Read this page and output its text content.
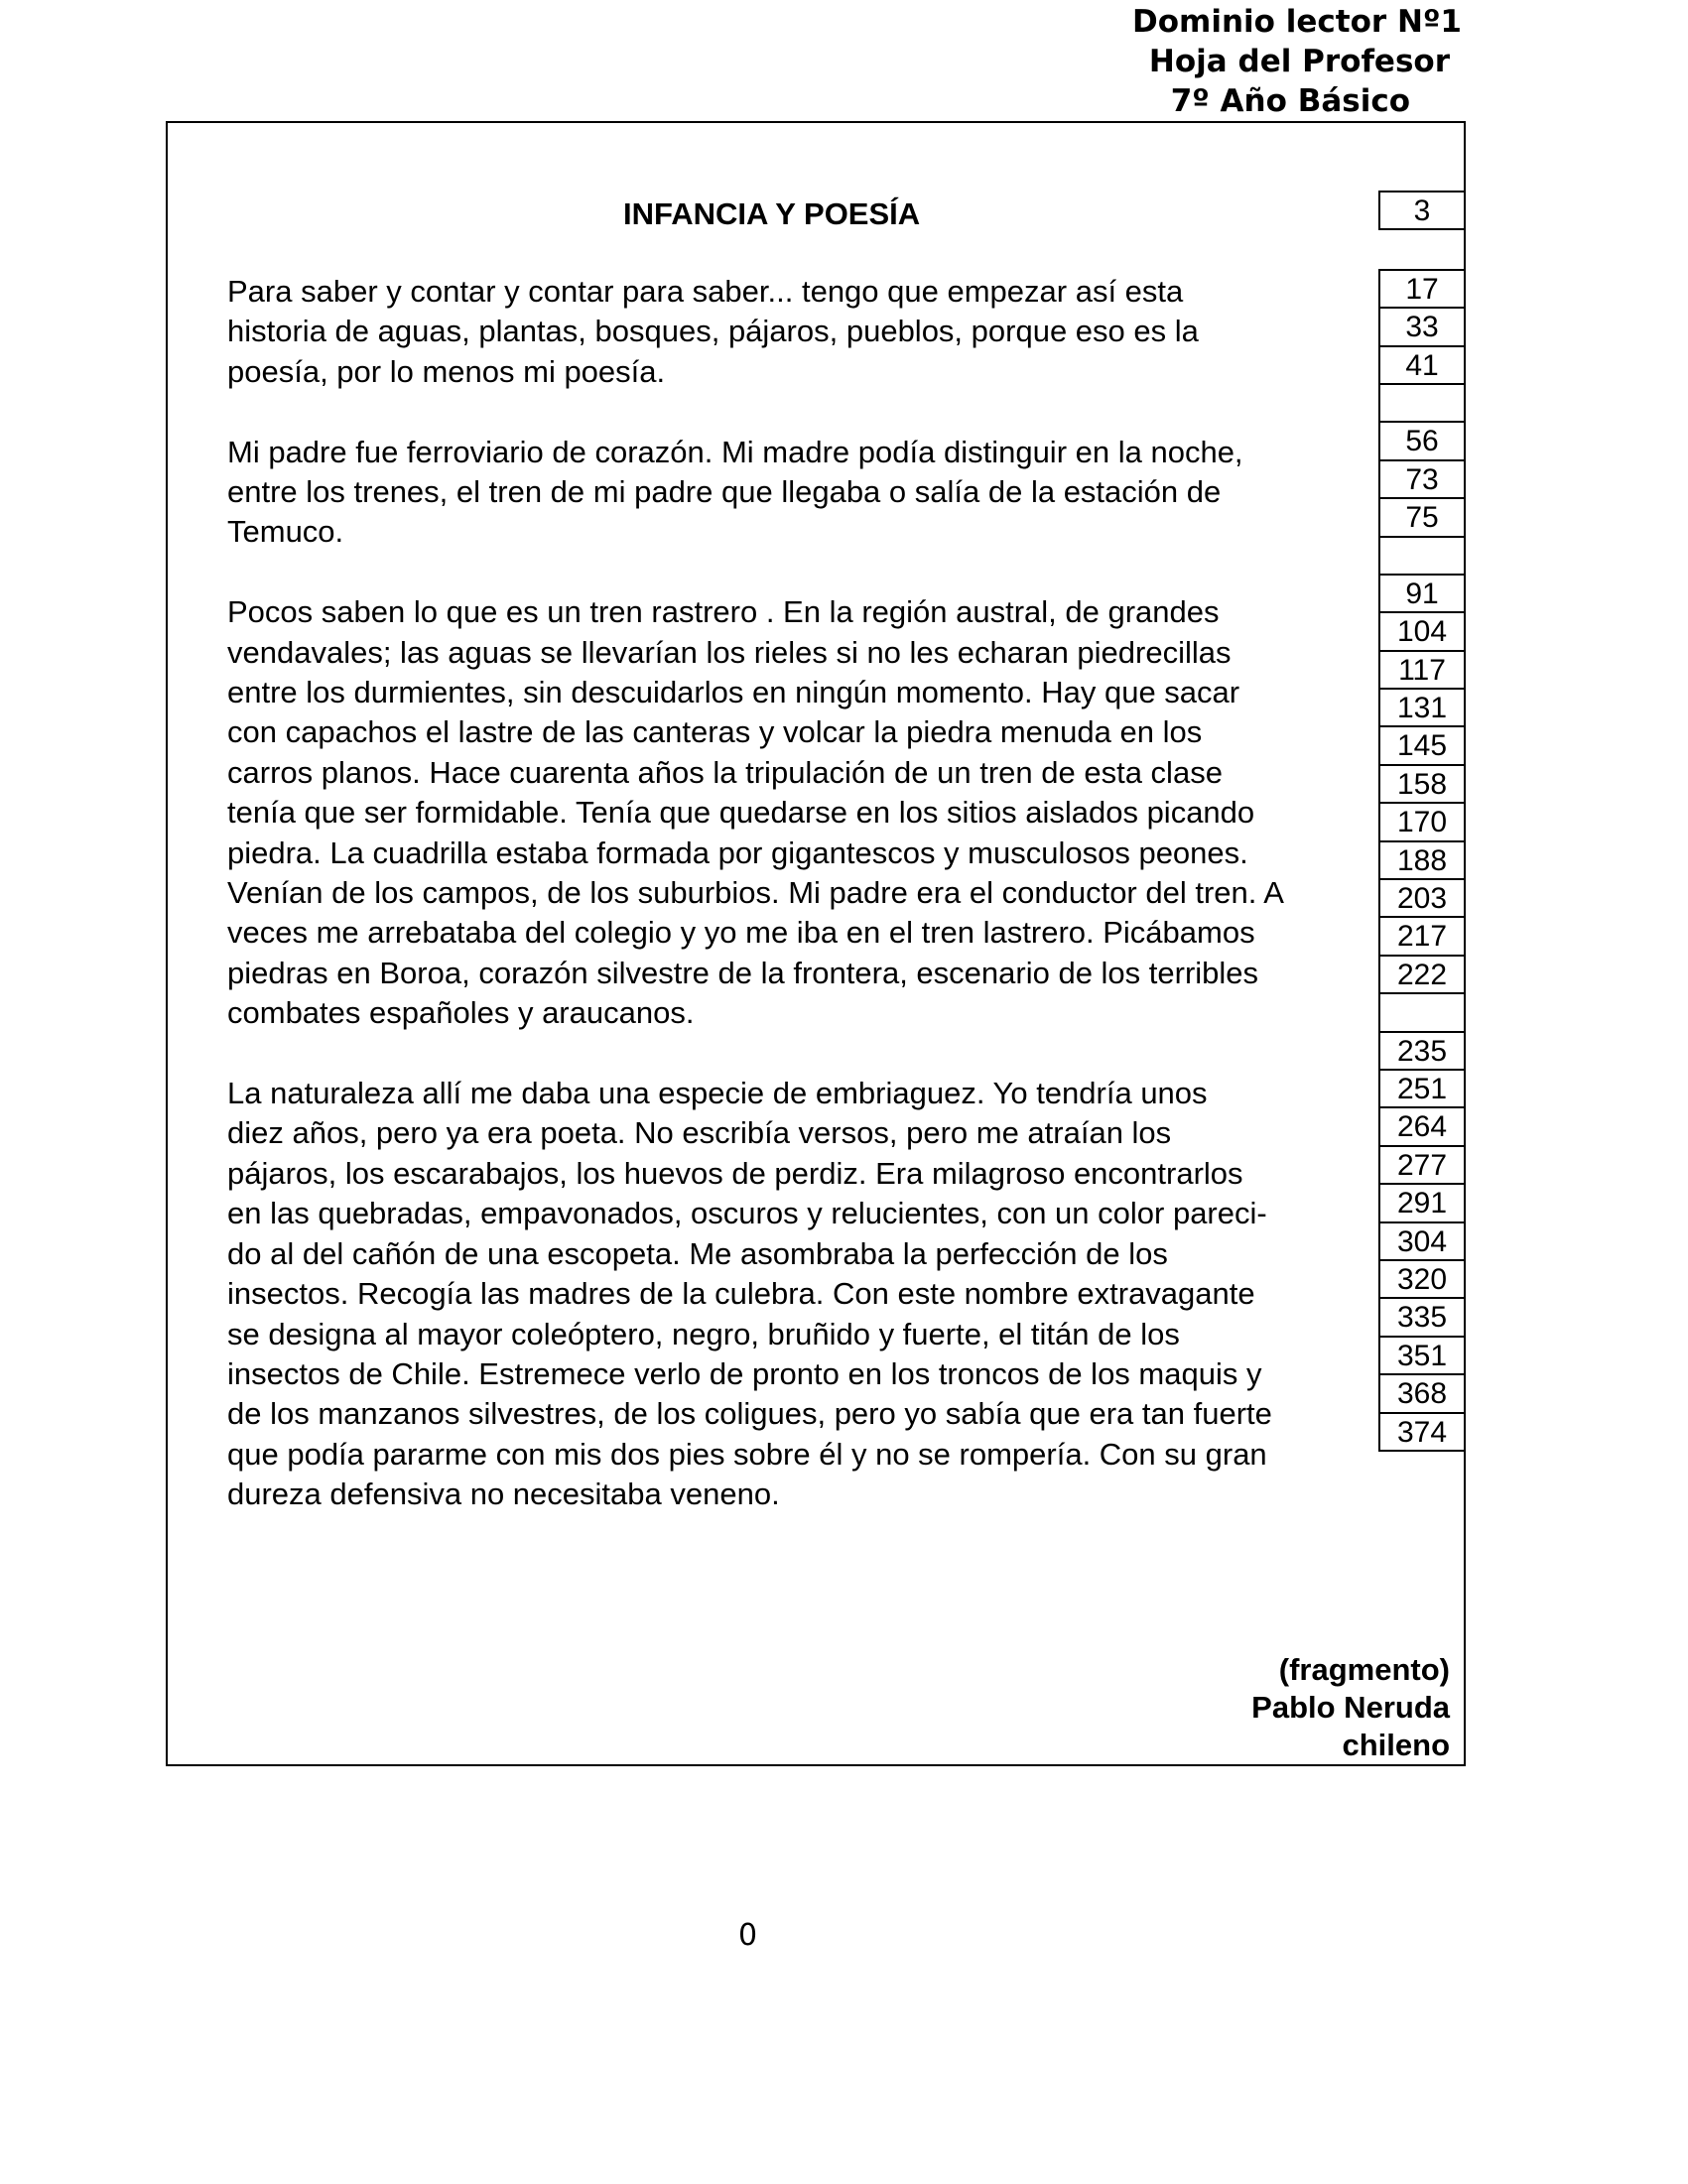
Dominio lector Nº1
Hoja del Profesor
7º Año Básico
INFANCIA Y POESÍA

Para saber y contar y contar para saber... tengo que empezar así esta
historia de aguas, plantas, bosques, pájaros, pueblos, porque eso es la
poesía, por lo menos mi poesía.

Mi padre fue ferroviario de corazón. Mi madre podía distinguir en la noche,
entre los trenes, el tren de mi padre que llegaba o salía de la estación de
Temuco.

Pocos saben lo que es un tren rastrero . En la región austral, de grandes
vendavales; las aguas se llevarían los rieles si no les echaran piedrecillas
entre los durmientes, sin descuidarlos en ningún momento. Hay que sacar
con capachos el lastre de las canteras y volcar la piedra menuda en los
carros planos. Hace cuarenta años la tripulación de un tren de esta clase
tenía que ser formidable. Tenía que quedarse en los sitios aislados picando
piedra. La cuadrilla estaba formada por gigantescos y musculosos peones.
Venían de los campos, de los suburbios. Mi padre era el conductor del tren. A
veces me arrebataba del colegio y yo me iba en el tren lastrero. Picábamos
piedras en Boroa, corazón silvestre de la frontera, escenario de los terribles
combates españoles y araucanos.

La naturaleza allí me daba una especie de embriaguez. Yo tendría unos
diez años, pero ya era poeta. No escribía versos, pero me atraían los
pájaros, los escarabajos, los huevos de perdiz. Era milagroso encontrarlos
en las quebradas, empavonados, oscuros y relucientes, con un color pareci-
do al del cañón de una escopeta. Me asombraba la perfección de los
insectos. Recogía las madres de la culebra. Con este nombre extravagante
se designa al mayor coleóptero, negro, bruñido y fuerte, el titán de los
insectos de Chile. Estremece verlo de pronto en los troncos de los maquis y
de los manzanos silvestres, de los coligues, pero yo sabía que era tan fuerte
que podía pararme con mis dos pies sobre él y no se rompería. Con su gran
dureza defensiva no necesitaba veneno.

3
17
33
41
56
73
75
91
104
117
131
145
158
170
188
203
217
222
235
251
264
277
291
304
320
335
351
368
374
(fragmento)
Pablo Neruda
chileno
0
